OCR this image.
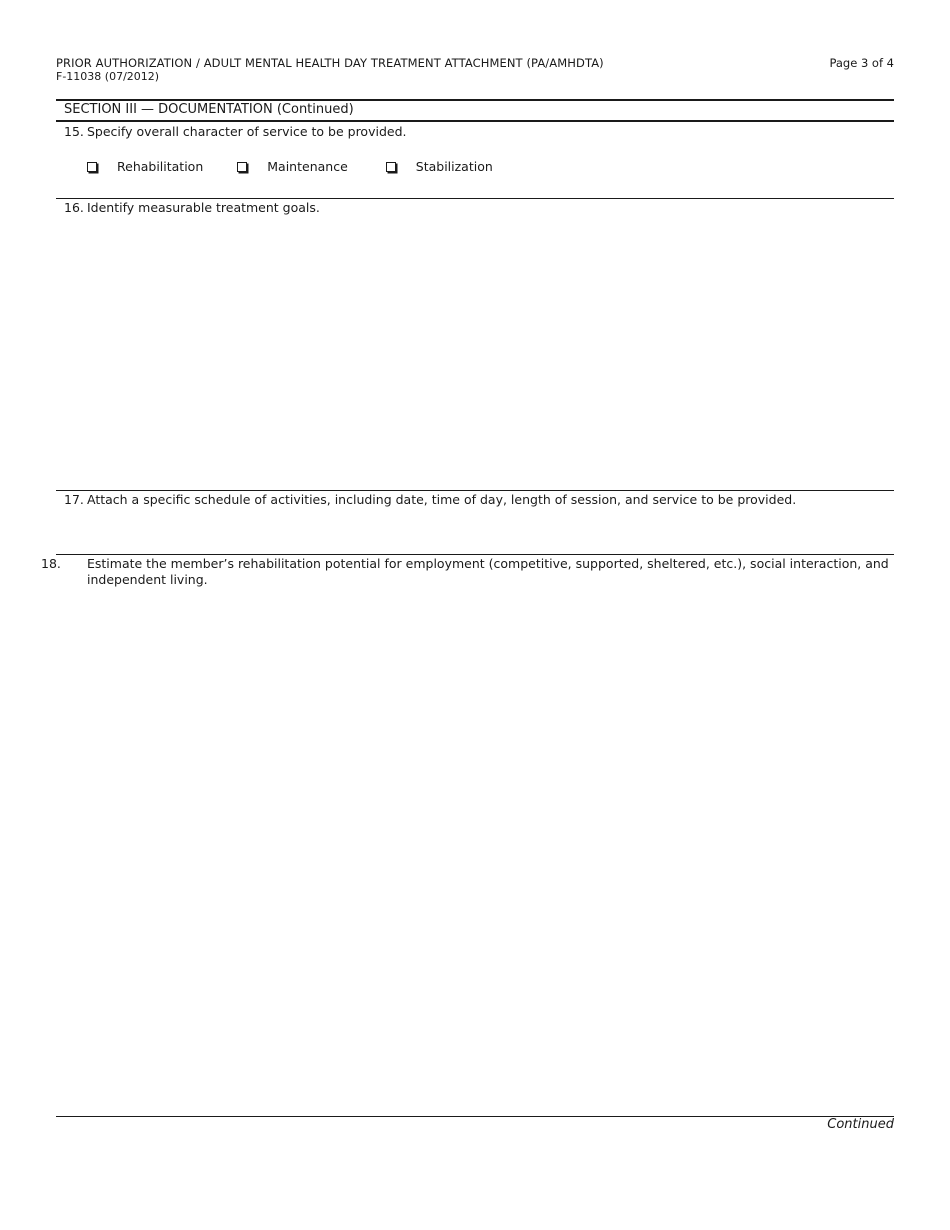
PRIOR AUTHORIZATION / ADULT MENTAL HEALTH DAY TREATMENT ATTACHMENT (PA/AMHDTA)
F-11038 (07/2012)
Page 3 of 4
SECTION III — DOCUMENTATION (Continued)
15. Specify overall character of service to be provided.
Rehabilitation	Maintenance	Stabilization
16. Identify measurable treatment goals.
17. Attach a specific schedule of activities, including date, time of day, length of session, and service to be provided.
18. Estimate the member’s rehabilitation potential for employment (competitive, supported, sheltered, etc.), social interaction, and independent living.
Continued
